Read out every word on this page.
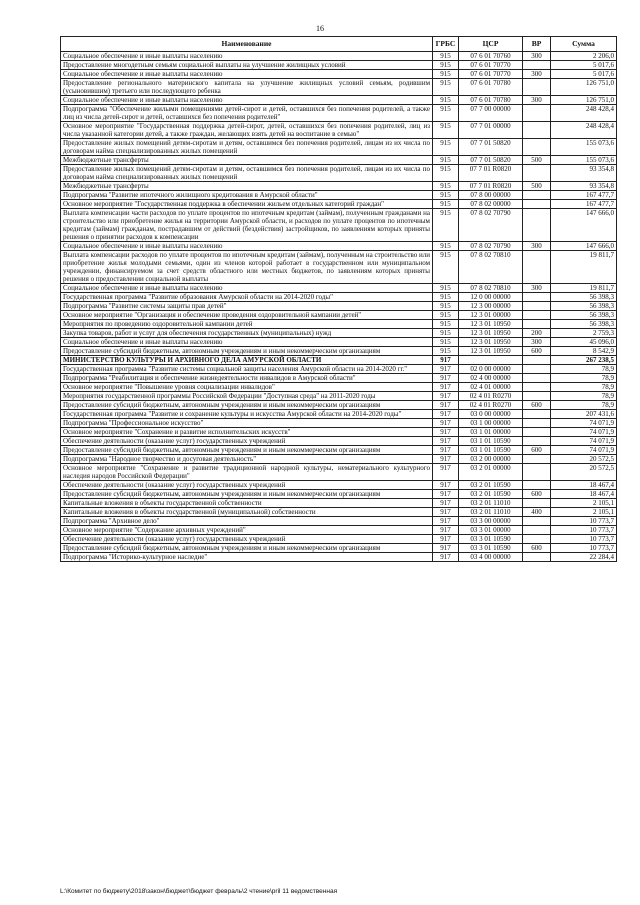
16
Наименование	ГРБС	ЦСР	ВР	Сумма
Социальное обеспечение и иные выплаты населению	915	07 6 01 70760	300	2 206,0
Предоставление многодетным семьям социальной выплаты на улучшение жилищных условий	915	07 6 01 70770		5 017,6
Социальное обеспечение и иные выплаты населению	915	07 6 01 70770	300	5 017,6
Предоставление регионального материнского капитала на улучшение жилищных условий семьям, родившим (усыновившим) третьего или последующего ребенка	915	07 6 01 70780		126 751,0
Социальное обеспечение и иные выплаты населению	915	07 6 01 70780	300	126 751,0
Подпрограмма "Обеспечение жилыми помещениями детей-сирот и детей, оставшихся без попечения родителей, а также лиц из числа детей-сирот и детей, оставшихся без попечения родителей"	915	07 7 00 00000		248 428,4
Основное мероприятие "Государственная поддержка детей-сирот, детей, оставшихся без попечения родителей, лиц из числа указанной категории детей, а также граждан, желающих взять детей на воспитание в семью"	915	07 7 01 00000		248 428,4
Предоставление жилых помещений детям-сиротам и детям, оставшимся без попечения родителей, лицам из их числа по договорам найма специализированных жилых помещений	915	07 7 01 50820		155 073,6
Межбюджетные трансферты	915	07 7 01 50820	500	155 073,6
Предоставление жилых помещений детям-сиротам и детям, оставшимся без попечения родителей, лицам из их числа по договорам найма специализированных жилых помещений	915	07 7 01 R0820		93 354,8
Межбюджетные трансферты	915	07 7 01 R0820	500	93 354,8
Подпрограмма "Развитие ипотечного жилищного кредитования в Амурской области"	915	07 8 00 00000		167 477,7
Основное мероприятие "Государственная поддержка в обеспечении жильем отдельных категорий граждан"	915	07 8 02 00000		167 477,7
Выплата компенсации части расходов по уплате процентов по ипотечным кредитам (займам), полученным гражданами на строительство или приобретение жилья на территории Амурской области, и расходов по уплате процентов по ипотечным кредитам (займам) гражданам, пострадавшим от действий (бездействия) застройщиков, по заявлениям которых приняты решения о принятии расходов к компенсации	915	07 8 02 70790		147 666,0
Социальное обеспечение и иные выплаты населению	915	07 8 02 70790	300	147 666,0
Выплата компенсации расходов по уплате процентов по ипотечным кредитам (займам), полученным на строительство или приобретение жилья молодыми семьями, один из членов которой работает в государственном или муниципальном учреждении, финансируемом за счет средств областного или местных бюджетов, по заявлениям которых приняты решения о предоставлении социальной выплаты	915	07 8 02 70810		19 811,7
Социальное обеспечение и иные выплаты населению	915	07 8 02 70810	300	19 811,7
Государственная программа "Развитие образования Амурской области на 2014-2020 годы"	915	12 0 00 00000		56 398,3
Подпрограмма "Развитие системы защиты прав детей"	915	12 3 00 00000		56 398,3
Основное мероприятие "Организация и обеспечение проведения оздоровительной кампании детей"	915	12 3 01 00000		56 398,3
Мероприятия по проведению оздоровительной кампании детей	915	12 3 01 10950		56 398,3
Закупка товаров, работ и услуг для обеспечения государственных (муниципальных) нужд	915	12 3 01 10950	200	2 759,3
Социальное обеспечение и иные выплаты населению	915	12 3 01 10950	300	45 096,0
Предоставление субсидий бюджетным, автономным учреждениям и иным некоммерческим организациям	915	12 3 01 10950	600	8 542,9
МИНИСТЕРСТВО КУЛЬТУРЫ И АРХИВНОГО ДЕЛА АМУРСКОЙ ОБЛАСТИ	917			267 238,5
Государственная программа "Развитие системы социальной защиты населения Амурской области на 2014-2020 гг."	917	02 0 00 00000		78,9
Подпрограмма "Реабилитация и обеспечение жизнедеятельности инвалидов в Амурской области"	917	02 4 00 00000		78,9
Основное мероприятие "Повышение уровня социализации инвалидов"	917	02 4 01 00000		78,9
Мероприятия государственной программы Российской Федерации "Доступная среда" на 2011-2020 годы	917	02 4 01 R0270		78,9
Предоставление субсидий бюджетным, автономным учреждениям и иным некоммерческим организациям	917	02 4 01 R0270	600	78,9
Государственная программа "Развитие и сохранение культуры и искусства Амурской области на 2014-2020 годы"	917	03 0 00 00000		207 431,6
Подпрограмма "Профессиональное искусство"	917	03 1 00 00000		74 071,9
Основное мероприятие "Сохранение и развитие исполнительских искусств"	917	03 1 01 00000		74 071,9
Обеспечение деятельности (оказание услуг) государственных учреждений	917	03 1 01 10590		74 071,9
Предоставление субсидий бюджетным, автономным учреждениям и иным некоммерческим организациям	917	03 1 01 10590	600	74 071,9
Подпрограмма "Народное творчество и досуговая деятельность"	917	03 2 00 00000		20 572,5
Основное мероприятие "Сохранение и развитие традиционной народной культуры, нематериального культурного наследия народов Российской Федерации"	917	03 2 01 00000		20 572,5
Обеспечение деятельности (оказание услуг) государственных учреждений	917	03 2 01 10590		18 467,4
Предоставление субсидий бюджетным, автономным учреждениям и иным некоммерческим организациям	917	03 2 01 10590	600	18 467,4
Капитальные вложения в объекты государственной собственности	917	03 2 01 11010		2 105,1
Капитальные вложения в объекты государственной (муниципальной) собственности	917	03 2 01 11010	400	2 105,1
Подпрограмма "Архивное дело"	917	03 3 00 00000		10 773,7
Основное мероприятие "Содержание архивных учреждений"	917	03 3 01 00000		10 773,7
Обеспечение деятельности (оказание услуг) государственных учреждений	917	03 3 01 10590		10 773,7
Предоставление субсидий бюджетным, автономным учреждениям и иным некоммерческим организациям	917	03 3 01 10590	600	10 773,7
Подпрограмма "Историко-культурное наследие"	917	03 4 00 00000		22 284,4
L:\Комитет по бюджету\2018\закон\бюджет\бюджет февраль\2 чтение\pril 11 ведомственная
